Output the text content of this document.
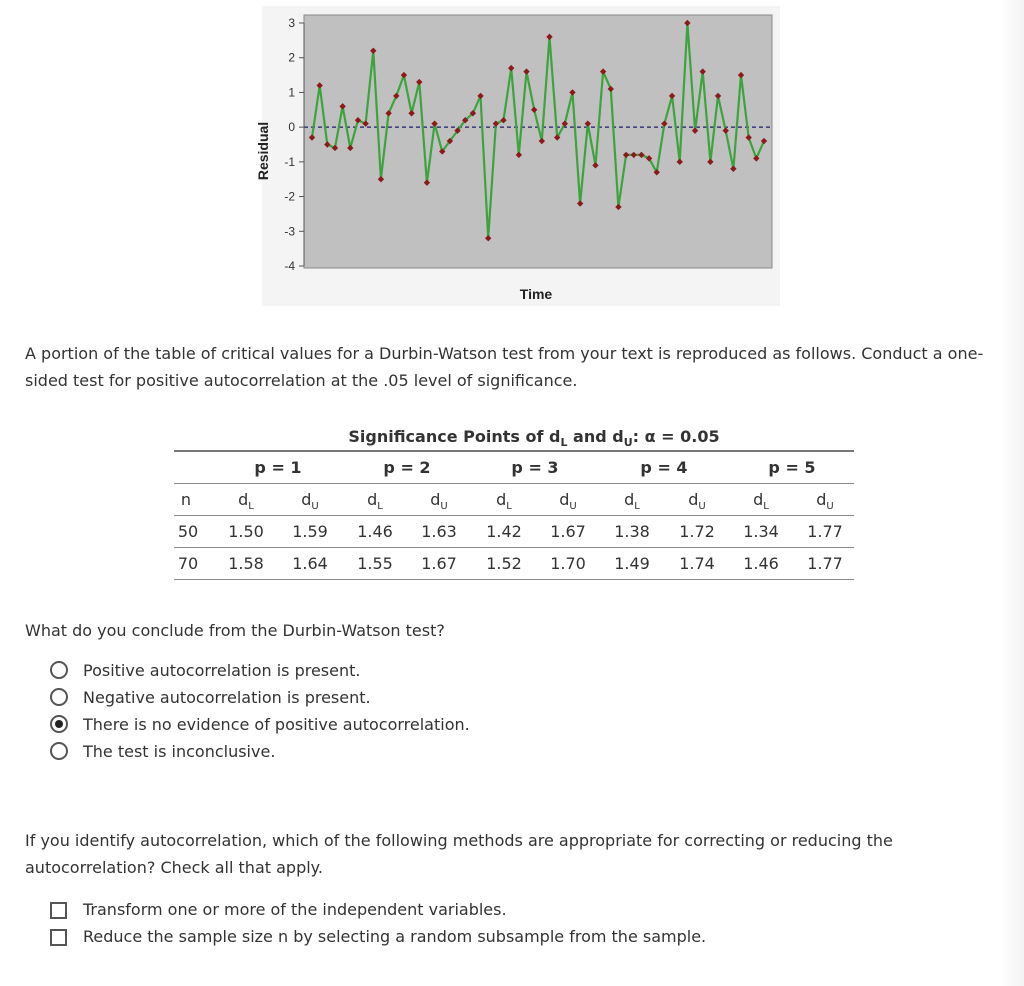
3
2
1
0
-1
-2
-3
-4
Residual
Time
A portion of the table of critical values for a Durbin-Watson test from your text is reproduced as follows. Conduct a one-sided test for positive autocorrelation at the .05 level of significance.
Significance Points of $d_L$ and $d_U$: α = 0.05
p = 1	p = 2	p = 3	p = 4	p = 5
n	$d_L$	$d_U$	$d_L$	$d_U$	$d_L$	$d_U$	$d_L$	$d_U$	$d_L$	$d_U$
50	1.50	1.59	1.46	1.63	1.42	1.67	1.38	1.72	1.34	1.77
70	1.58	1.64	1.55	1.67	1.52	1.70	1.49	1.74	1.46	1.77
What do you conclude from the Durbin-Watson test?
Positive autocorrelation is present.
Negative autocorrelation is present.
There is no evidence of positive autocorrelation.
The test is inconclusive.
If you identify autocorrelation, which of the following methods are appropriate for correcting or reducing the autocorrelation? Check all that apply.
Transform one or more of the independent variables.
Reduce the sample size n by selecting a random subsample from the sample.
